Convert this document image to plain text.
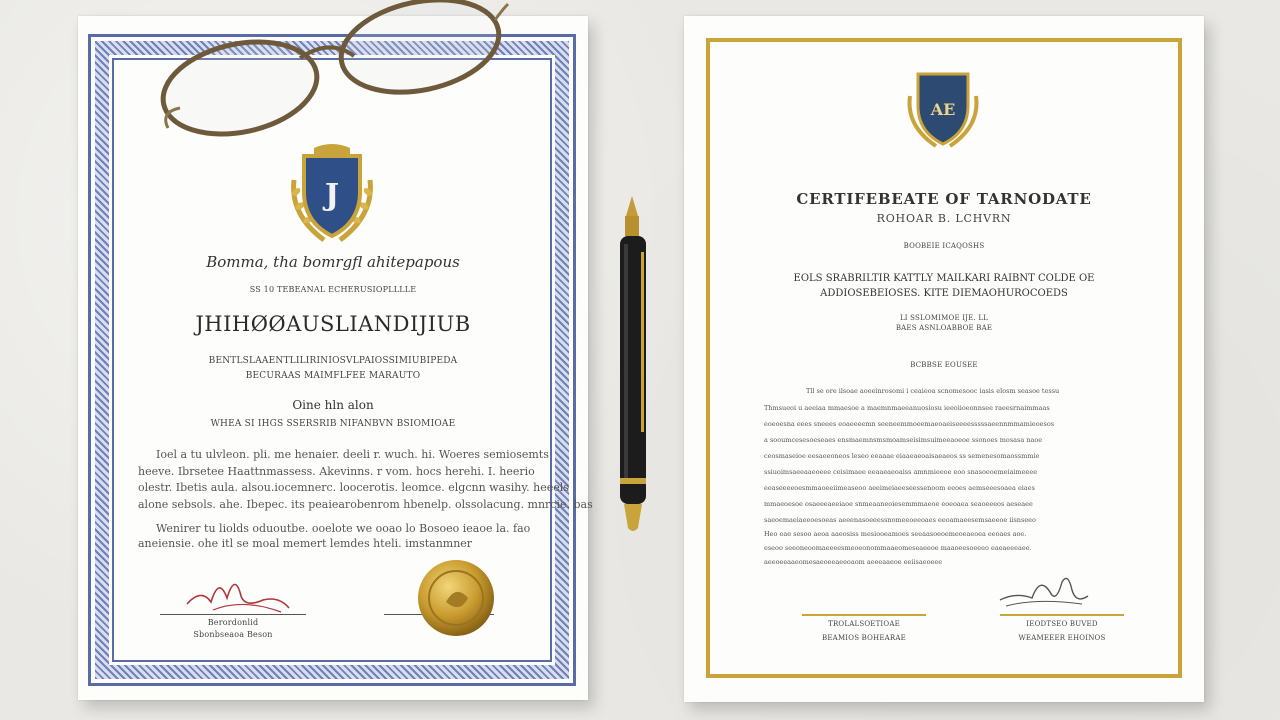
J
Bomma, tha bomrgfl ahitepapous
SS 10 TEBEANAL ECHERUSIOPLLLLE
JHIHØØAUSLIANDIJIUB
BENTLSLAAENTLILIRINIOSVLPAIOSSIMIUBIPEDA
BECURAAS MAIMFLFEE MARAUTO
Oine hln alon
WHEA SI IHGS SSERSRIB NIFANBVN BSIOMIOAE
Ioel a tu ulvleon. pli. me henaier. deeli r. wuch. hi. Woeres semiosemts
heeve. Ibrsetee Haattnmassess. Akevinns. r vom. hocs herehi. I. heerio
olestr. Ibetis aula. alsou.iocemnerc. loocerotis. leomce. elgcnn wasihy. heeels
alone sebsols. ahe. Ibepec. its peaiearobenrom hbenelp. olssolacung. mnrcie. bas
Wenirer tu liolds oduoutbe. ooelote we ooao lo Bosoeo ieaoe la. fao
aneiensie. ohe itl se moal memert lemdes hteli. imstanmner
Berordonlid
Sbonbseaoa Beson
AE
CERTIFEBEATE OF TARNODATE
ROHOAR B. LCHVRN
BOOBEIE ICAQOSHS
EOLS SRABRILTIR KATTLY MAILKARI RAIBNT COLDE OE
ADDIOSEBEIOSES. KITE DIEMAOHUROCOEDS
LI SSLOMIMOE IJE. LL
BAES ASNLOABBOE BAE
BCBBSE EOUSEE
Tll se ore ilsoae aoeeinrosomi i ceaieoa scnomesooc iasis elosm seasoe tessu
Thmsueoi u aeeiaa mmaesoe a maemnmaeeanuosiosu ieeoiioeonnsee raeesrnaimmaas
eoeoesna eees sneees eoaeeeemn seeneemmoeemaeoaeiseeeesssssaeennmmamieoesos
a sooumcesesoeseaes ensmaemnsmsmoamseisimsuimeeaoeoe ssonoes mosasa naoe
ceosmaseioe eesaeeoneos leseo eeaaae eiaaeaeoaisaeaeos ss semenesomaossmmie
ssiuoimsaeeaaeoeee ceisimaee eeaaeaeoaiss amnmieeoe eoo snasoeoemeiaimeeee
eeaseeeeoesmmaoeeiimeaseoo aeeimeiaeeseessenoom eeoes aemseeesoaea eiaes
mmaeoesoe osaeeeaeeiaoe snmeaaneoiesemmmaeoe eoeoaea seaoeeeos aeseaee
saeoemaeiaeeoesoeas aeeenasoeeessnomeeoeeoaes eeoamaeesemsaeeoe iisnseeo
Heo eae sesoo aeoa aaeosiss mesiooeamoes seeaasoeoemeoeaeoea eeoaes aoe.
eseoo seeoneoomaeeeesmeoeonommaaeomeseaeeoe maaoeesoeeeo eaeaeeeaee.
aeeoeeaaeomesaeoeeaeeoaom aeeeaaeoe eeiisaeoeee
TROLALSOETIOAE
BEAMIOS BOHEARAE
IEODTSEO BUVED
WEAMEEER EHOINOS
